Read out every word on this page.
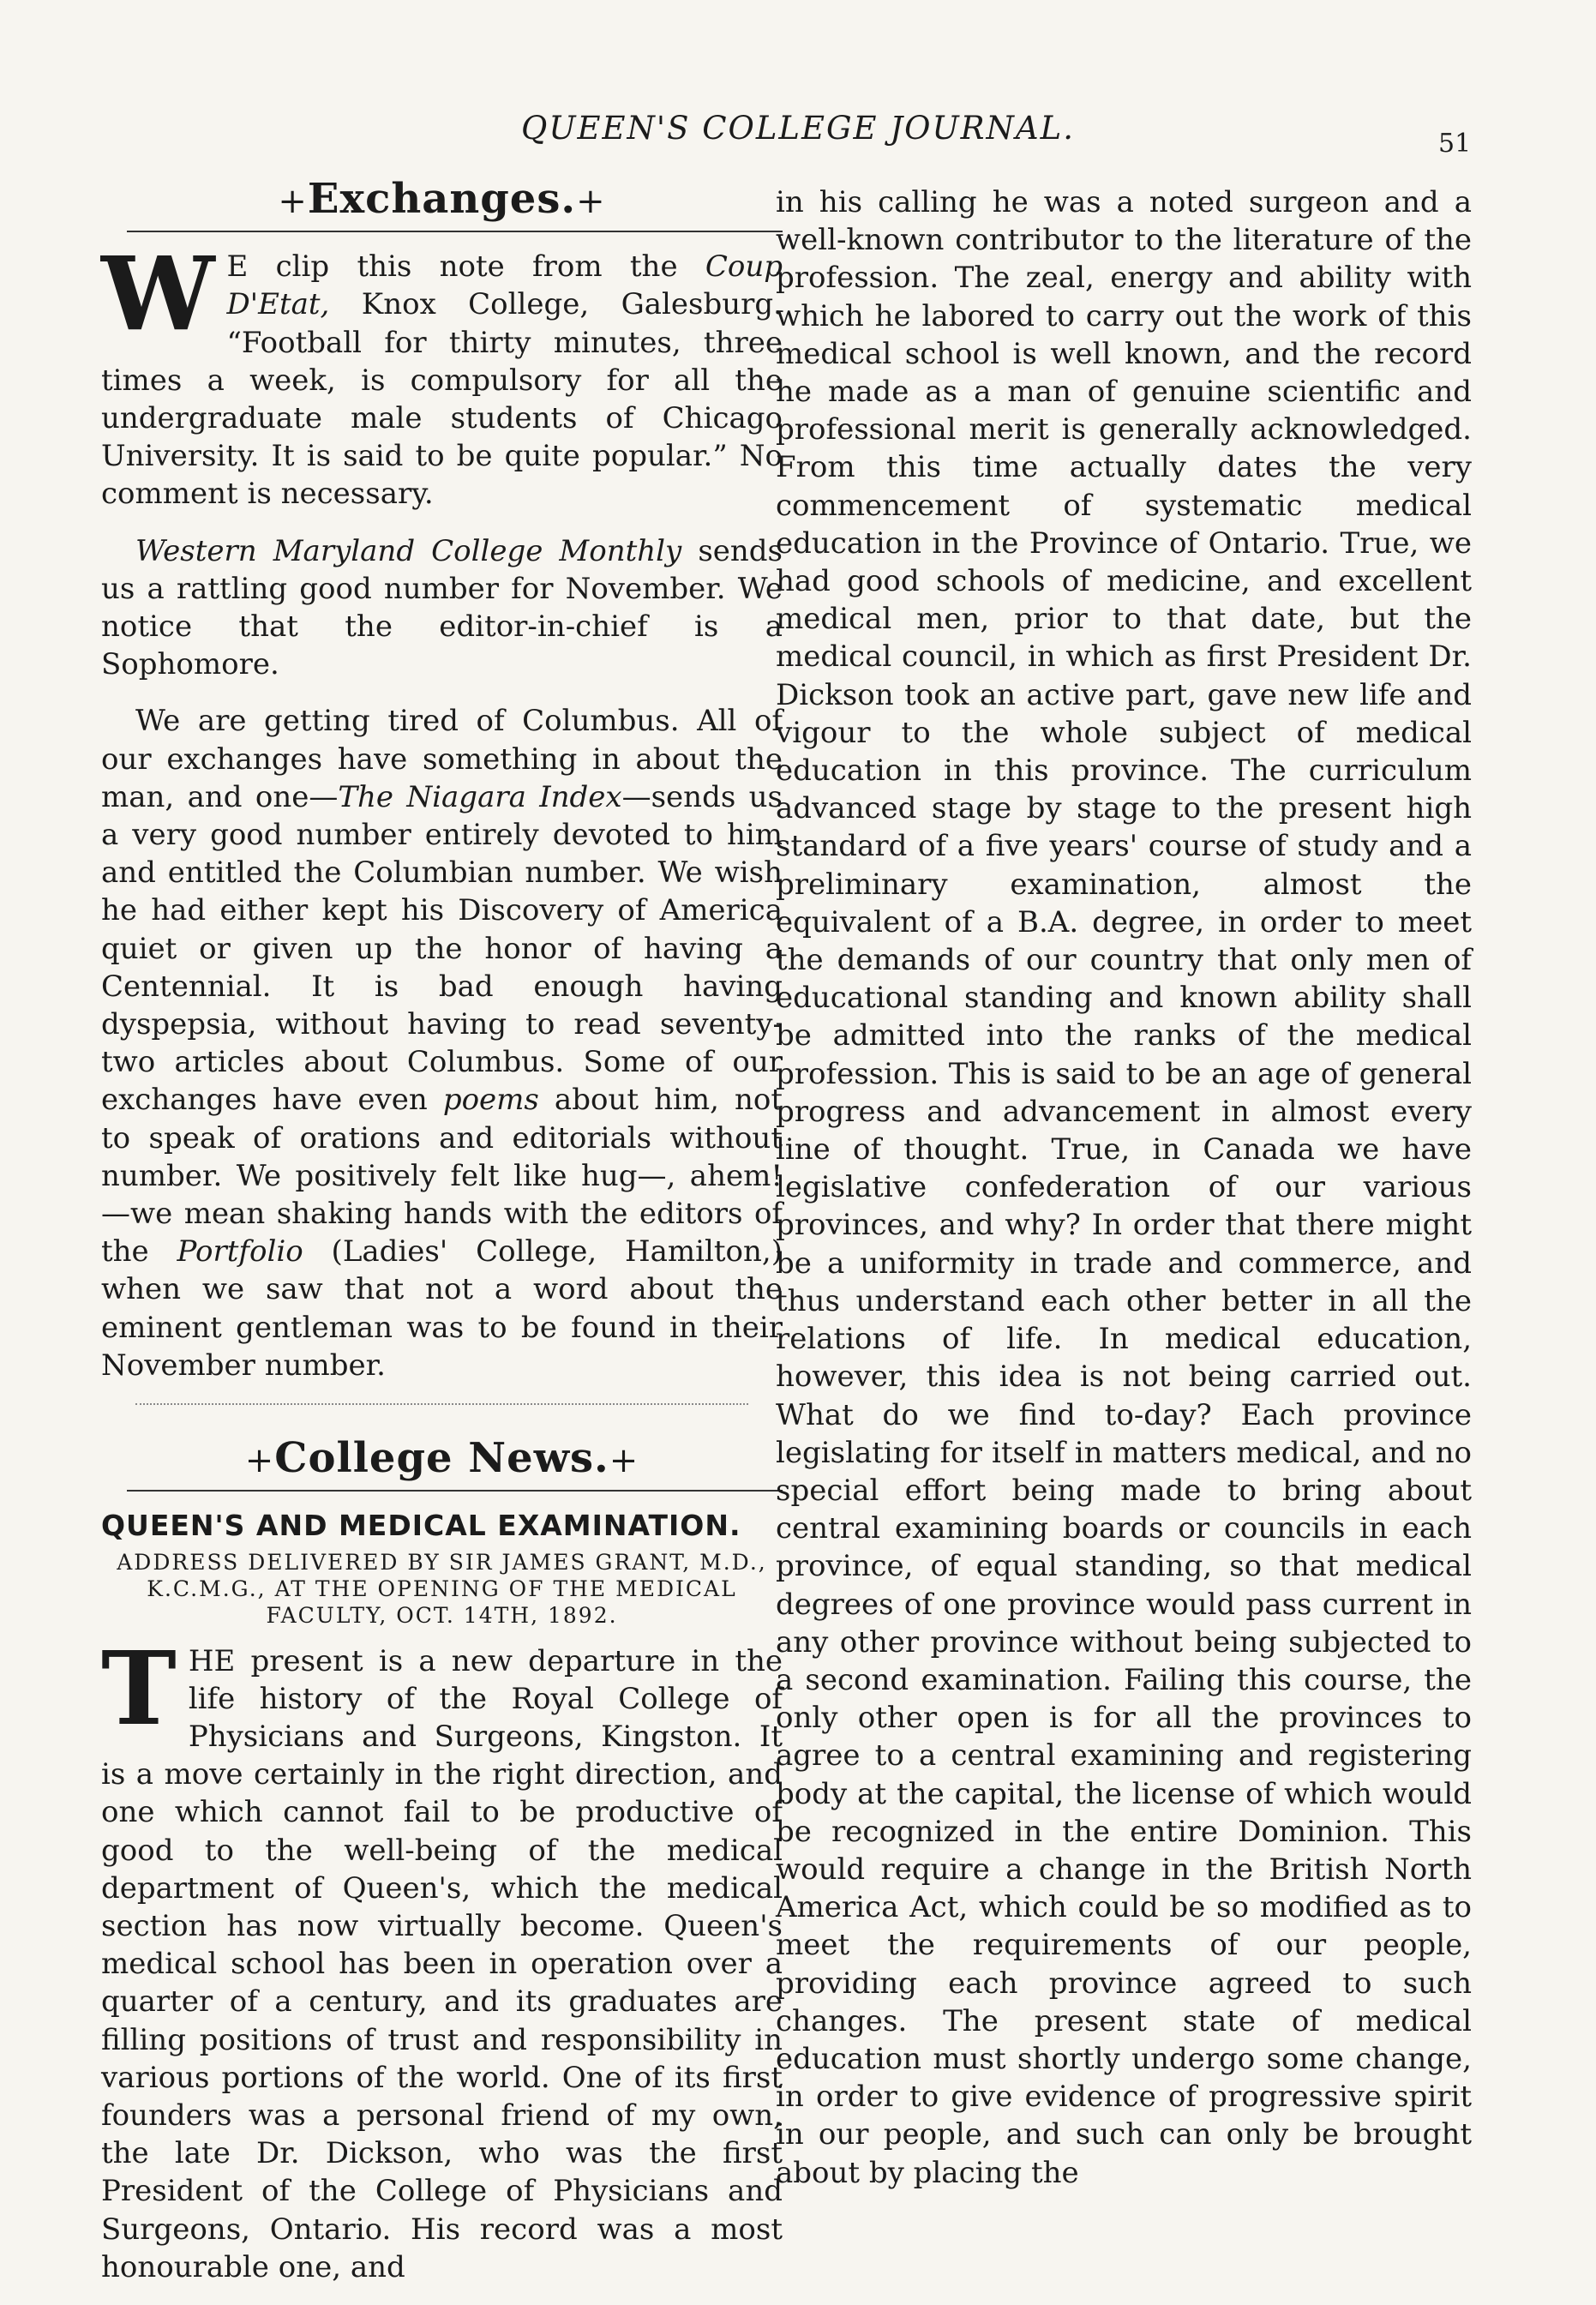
QUEEN'S COLLEGE JOURNAL.	51
+Exchanges.+

W E clip this note from the Coup D'Etat, Knox College, Galesburg. “Football for thirty minutes, three times a week, is compulsory for all the undergraduate male students of Chicago University. It is said to be quite popular.” No comment is necessary.

Western Maryland College Monthly sends us a rattling good number for November. We notice that the editor-in-chief is a Sophomore.

We are getting tired of Columbus. All of our exchanges have something in about the man, and one—The Niagara Index—sends us a very good number entirely devoted to him and entitled the Columbian number. We wish he had either kept his Discovery of America quiet or given up the honor of having a Centennial. It is bad enough having dyspepsia, without having to read seventy-two articles about Columbus. Some of our exchanges have even poems about him, not to speak of orations and editorials without number. We positively felt like hug—, ahem!—we mean shaking hands with the editors of the Portfolio (Ladies' College, Hamilton,) when we saw that not a word about the eminent gentleman was to be found in their November number.

+College News.+
QUEEN'S AND MEDICAL EXAMINATION.
ADDRESS DELIVERED BY SIR JAMES GRANT, M.D., K.C.M.G., AT THE OPENING OF THE MEDICAL FACULTY, OCT. 14TH, 1892.

THE present is a new departure in the life history of the Royal College of Physicians and Surgeons, Kingston. It is a move certainly in the right direction, and one which cannot fail to be productive of good to the well-being of the medical department of Queen's, which the medical section has now virtually become. Queen's medical school has been in operation over a quarter of a century, and its graduates are filling positions of trust and responsibility in various portions of the world. One of its first founders was a personal friend of my own, the late Dr. Dickson, who was the first President of the College of Physicians and Surgeons, Ontario. His record was a most honourable one, and

in his calling he was a noted surgeon and a well-known contributor to the literature of the profession. The zeal, energy and ability with which he labored to carry out the work of this medical school is well known, and the record he made as a man of genuine scientific and professional merit is generally acknowledged. From this time actually dates the very commencement of systematic medical education in the Province of Ontario. True, we had good schools of medicine, and excellent medical men, prior to that date, but the medical council, in which as first President Dr. Dickson took an active part, gave new life and vigour to the whole subject of medical education in this province. The curriculum advanced stage by stage to the present high standard of a five years' course of study and a preliminary examination, almost the equivalent of a B.A. degree, in order to meet the demands of our country that only men of educational standing and known ability shall be admitted into the ranks of the medical profession. This is said to be an age of general progress and advancement in almost every line of thought. True, in Canada we have legislative confederation of our various provinces, and why? In order that there might be a uniformity in trade and commerce, and thus understand each other better in all the relations of life. In medical education, however, this idea is not being carried out. What do we find to-day? Each province legislating for itself in matters medical, and no special effort being made to bring about central examining boards or councils in each province, of equal standing, so that medical degrees of one province would pass current in any other province without being subjected to a second examination. Failing this course, the only other open is for all the provinces to agree to a central examining and registering body at the capital, the license of which would be recognized in the entire Dominion. This would require a change in the British North America Act, which could be so modified as to meet the requirements of our people, providing each province agreed to such changes. The present state of medical education must shortly undergo some change, in order to give evidence of progressive spirit in our people, and such can only be brought about by placing the
